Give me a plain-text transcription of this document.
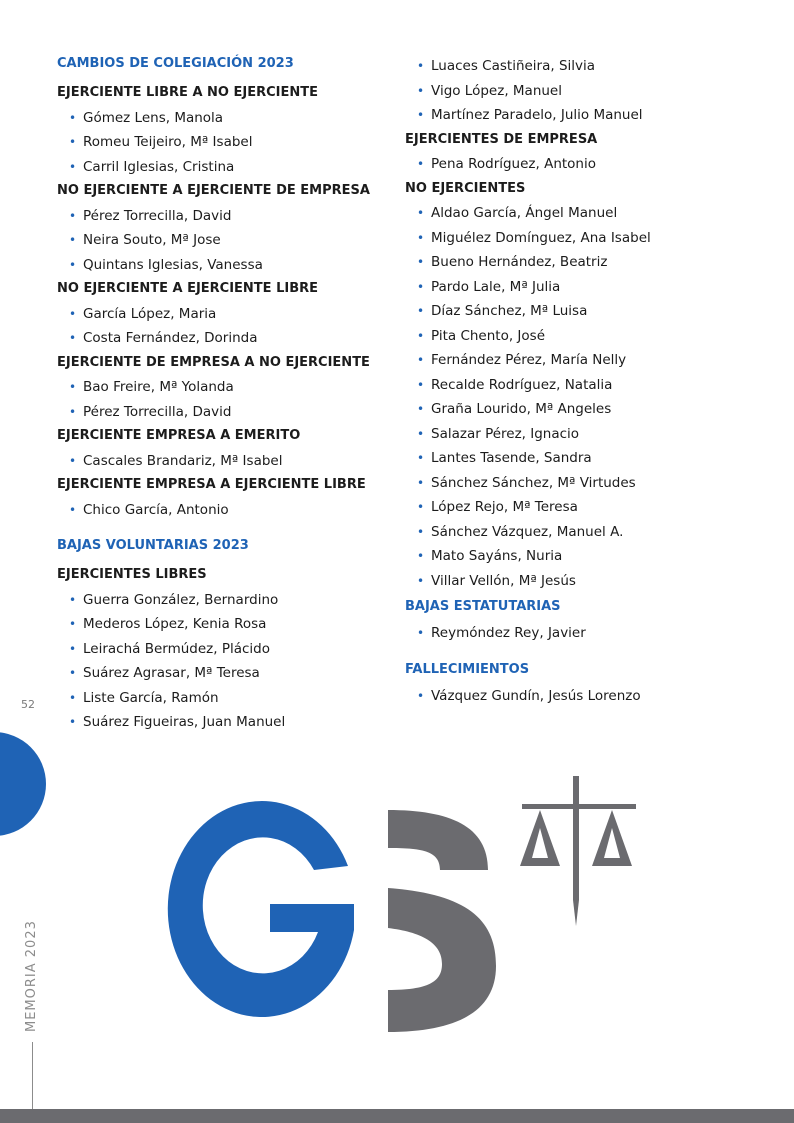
CAMBIOS DE COLEGIACIÓN 2023
EJERCIENTE LIBRE A NO EJERCIENTE
• Gómez Lens, Manola
• Romeu Teijeiro, Mª Isabel
• Carril Iglesias, Cristina
NO EJERCIENTE A EJERCIENTE DE EMPRESA
• Pérez Torrecilla, David
• Neira Souto, Mª Jose
• Quintans Iglesias, Vanessa
NO EJERCIENTE A EJERCIENTE LIBRE
• García López, Maria
• Costa Fernández, Dorinda
EJERCIENTE DE EMPRESA A NO EJERCIENTE
• Bao Freire, Mª Yolanda
• Pérez Torrecilla, David
EJERCIENTE EMPRESA A EMERITO
• Cascales Brandariz, Mª Isabel
EJERCIENTE EMPRESA A EJERCIENTE LIBRE
• Chico García, Antonio
BAJAS VOLUNTARIAS 2023
EJERCIENTES LIBRES
• Guerra González, Bernardino
• Mederos López, Kenia Rosa
• Leirachá Bermúdez, Plácido
• Suárez Agrasar, Mª Teresa
• Liste García, Ramón
• Suárez Figueiras, Juan Manuel
• Luaces Castiñeira, Silvia
• Vigo López, Manuel
• Martínez Paradelo, Julio Manuel
EJERCIENTES DE EMPRESA
• Pena Rodríguez, Antonio
NO EJERCIENTES
• Aldao García, Ángel Manuel
• Miguélez Domínguez, Ana Isabel
• Bueno Hernández, Beatriz
• Pardo Lale, Mª Julia
• Díaz Sánchez, Mª Luisa
• Pita Chento, José
• Fernández Pérez, María Nelly
• Recalde Rodríguez, Natalia
• Graña Lourido, Mª Angeles
• Salazar Pérez, Ignacio
• Lantes Tasende, Sandra
• Sánchez Sánchez, Mª Virtudes
• López Rejo, Mª Teresa
• Sánchez Vázquez, Manuel A.
• Mato Sayáns, Nuria
• Villar Vellón, Mª Jesús
BAJAS ESTATUTARIAS
• Reymóndez Rey, Javier
FALLECIMIENTOS
• Vázquez Gundín, Jesús Lorenzo
52
MEMORIA 2023
